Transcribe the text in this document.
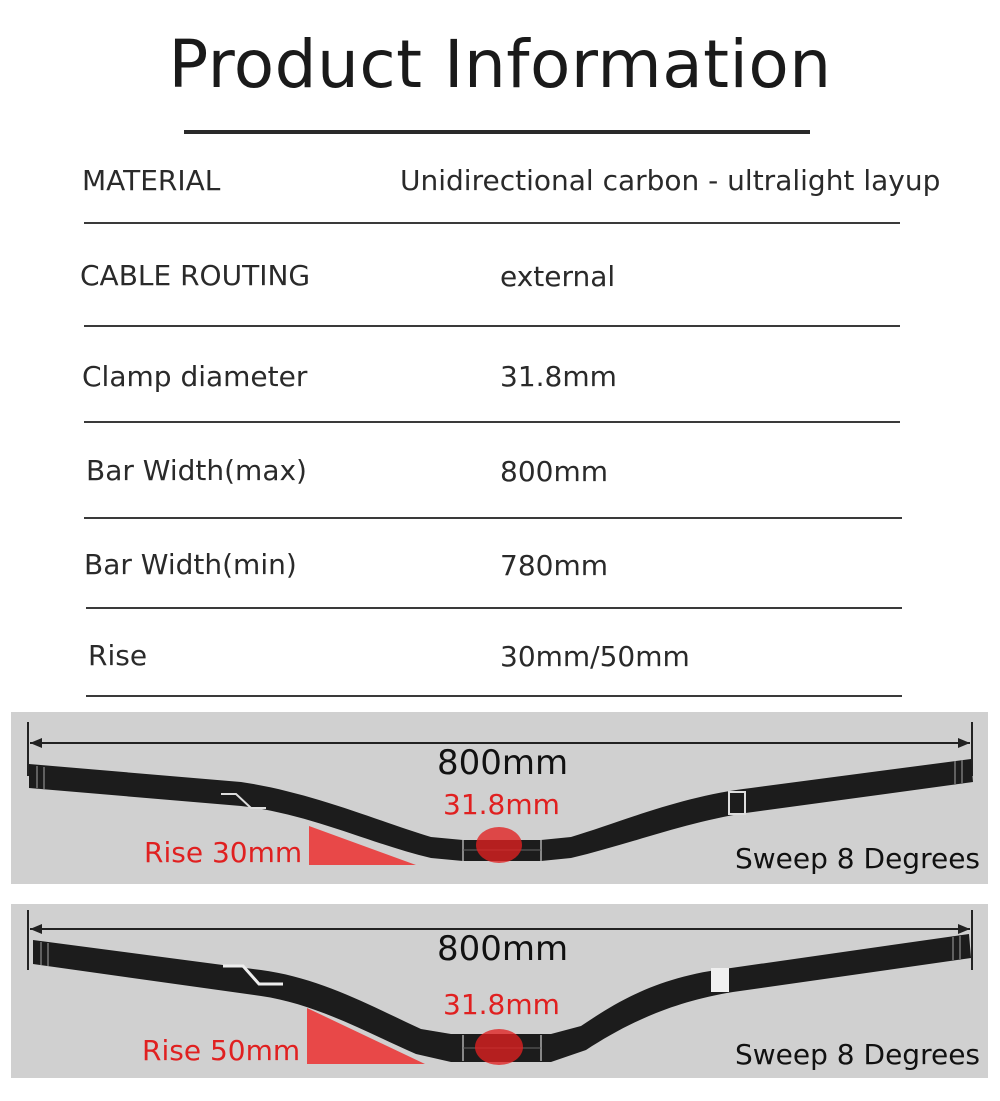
Product Information
MATERIAL	Unidirectional carbon - ultralight layup
CABLE ROUTING	external
Clamp diameter	31.8mm
Bar Width(max)	800mm
Bar Width(min)	780mm
Rise	30mm/50mm
800mm
31.8mm
Rise 30mm	Sweep 8 Degrees
800mm
31.8mm
Rise 50mm	Sweep 8 Degrees
